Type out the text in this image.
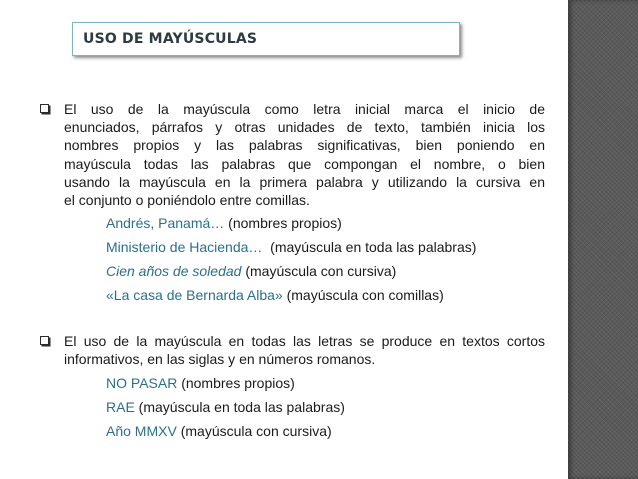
USO DE MAYÚSCULAS

El uso de la mayúscula como letra inicial marca el inicio de
enunciados, párrafos y otras unidades de texto, también inicia los
nombres propios y las palabras significativas, bien poniendo en
mayúscula todas las palabras que compongan el nombre, o bien
usando la mayúscula en la primera palabra y utilizando la cursiva en
el conjunto o poniéndolo entre comillas.

Andrés, Panamá… (nombres propios)
Ministerio de Hacienda…  (mayúscula en toda las palabras)
Cien años de soledad (mayúscula con cursiva)
«La casa de Bernarda Alba» (mayúscula con comillas)

El uso de la mayúscula en todas las letras se produce en textos cortos
informativos, en las siglas y en números romanos.

NO PASAR (nombres propios)
RAE (mayúscula en toda las palabras)
Año MMXV (mayúscula con cursiva)
